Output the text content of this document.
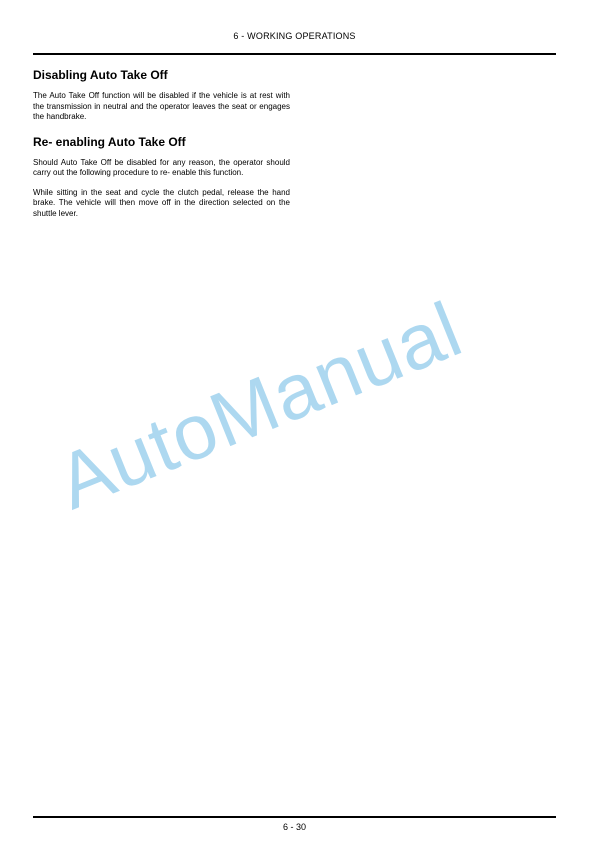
6 - WORKING OPERATIONS
Disabling Auto Take Off

The Auto Take Off function will be disabled if the vehicle is at rest with the transmission in neutral and the operator leaves the seat or engages the handbrake.

Re- enabling Auto Take Off

Should Auto Take Off be disabled for any reason, the operator should carry out the following procedure to re- enable this function.

While sitting in the seat and cycle the clutch pedal, release the hand brake. The vehicle will then move off in the direction selected on the shuttle lever.

AutoManual
6 - 30
